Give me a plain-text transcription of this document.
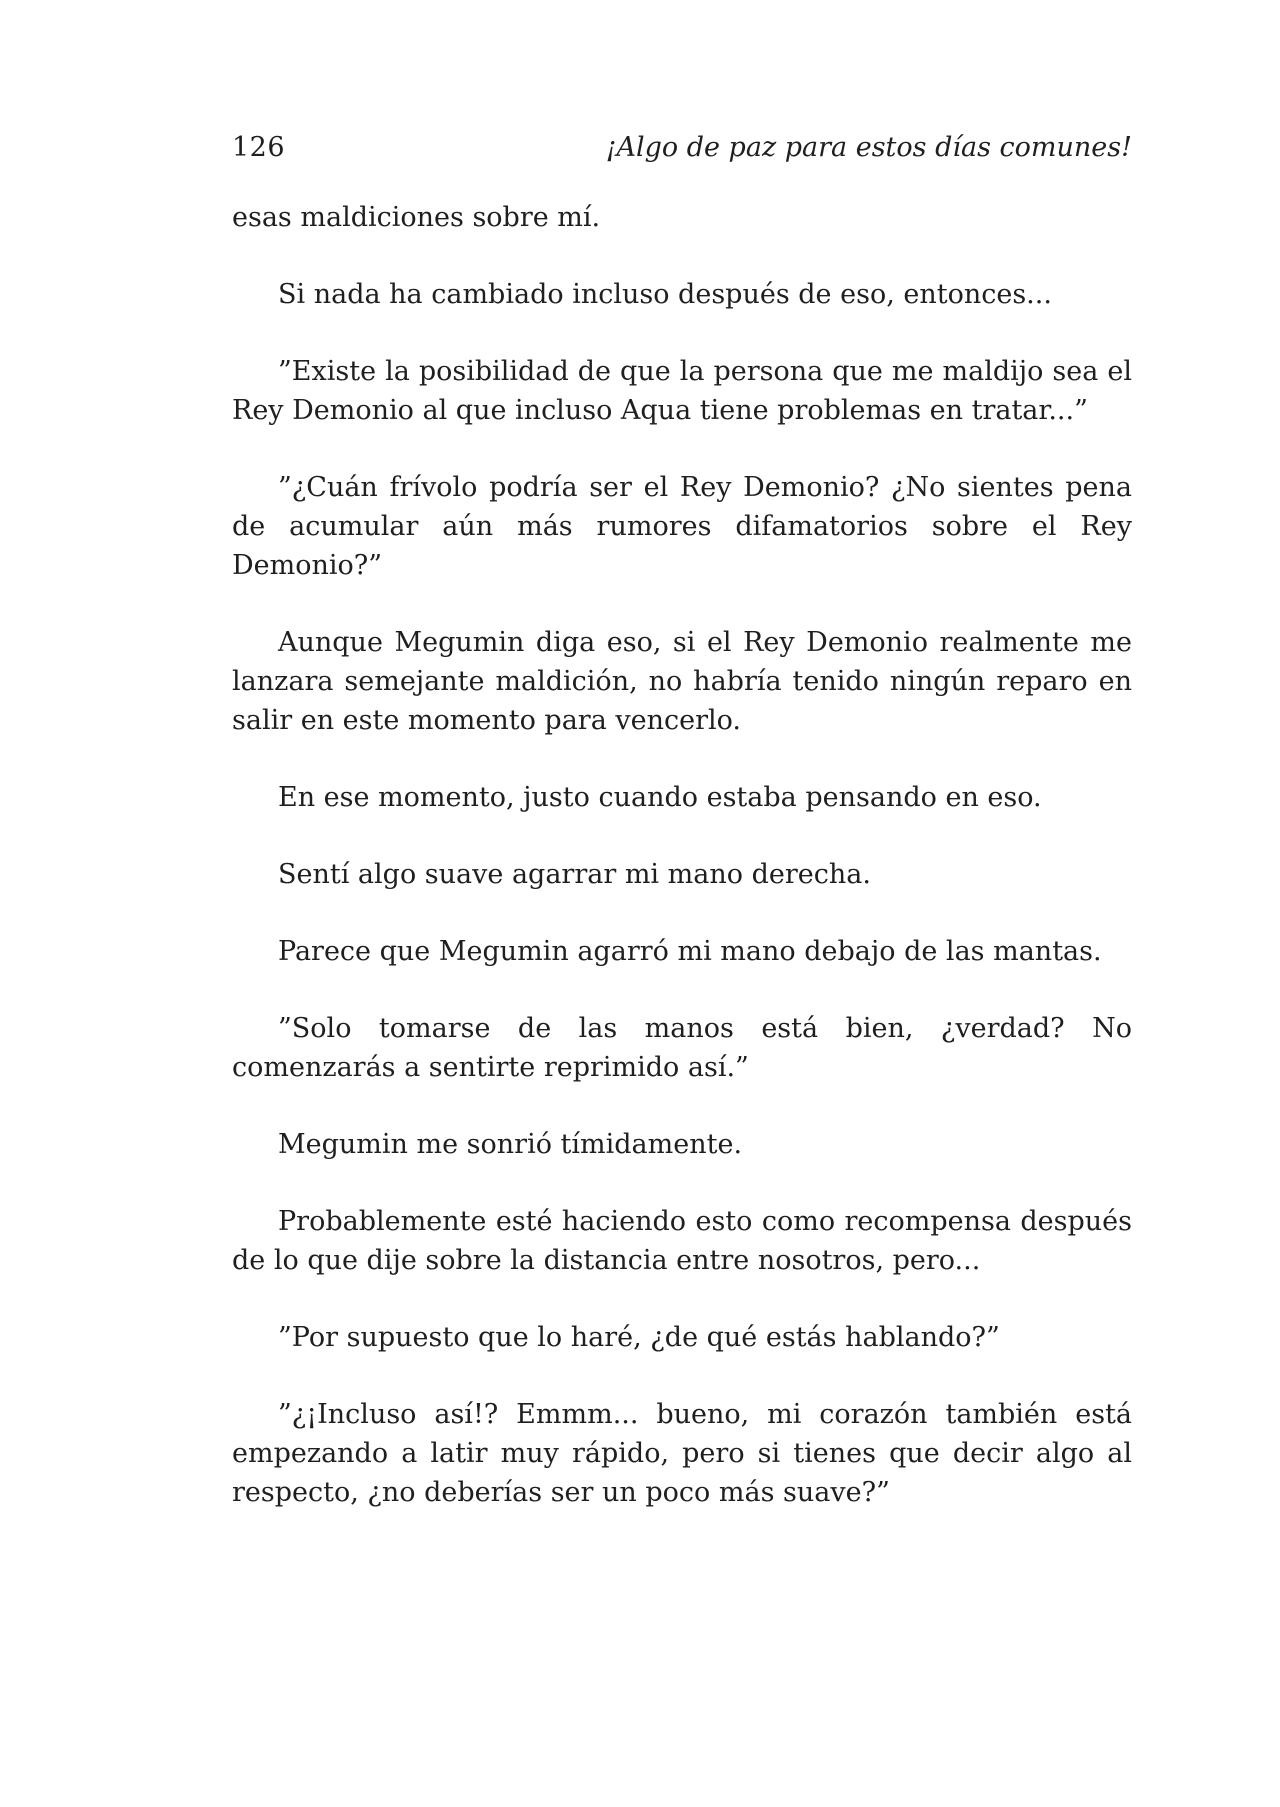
126	¡Algo de paz para estos días comunes!

esas maldiciones sobre mí.

Si nada ha cambiado incluso después de eso, entonces...

”Existe la posibilidad de que la persona que me maldijo sea el Rey Demonio al que incluso Aqua tiene problemas en tratar...”

”¿Cuán frívolo podría ser el Rey Demonio? ¿No sientes pena de acumular aún más rumores difamatorios sobre el Rey Demonio?”

Aunque Megumin diga eso, si el Rey Demonio realmente me lanzara semejante maldición, no habría tenido ningún reparo en salir en este momento para vencerlo.

En ese momento, justo cuando estaba pensando en eso.

Sentí algo suave agarrar mi mano derecha.

Parece que Megumin agarró mi mano debajo de las mantas.

”Solo tomarse de las manos está bien, ¿verdad? No comenzarás a sentirte reprimido así.”

Megumin me sonrió tímidamente.

Probablemente esté haciendo esto como recompensa después de lo que dije sobre la distancia entre nosotros, pero...

”Por supuesto que lo haré, ¿de qué estás hablando?”

”¿¡Incluso así!? Emmm... bueno, mi corazón también está empezando a latir muy rápido, pero si tienes que decir algo al respecto, ¿no deberías ser un poco más suave?”
